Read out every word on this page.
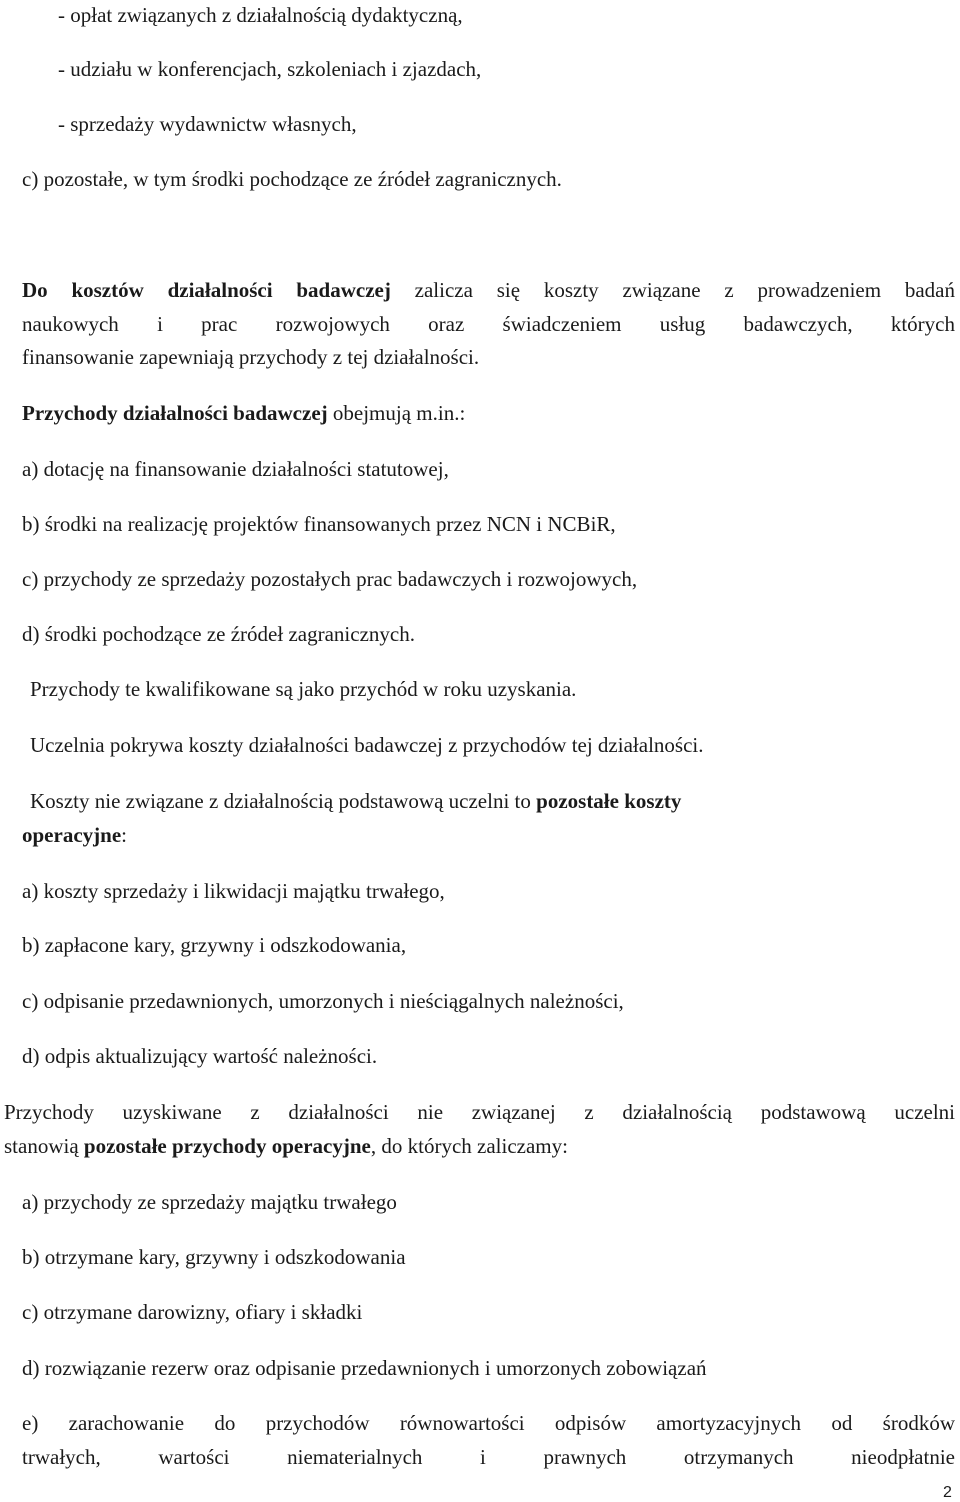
- opłat związanych z działalnością dydaktyczną,
- udziału w konferencjach, szkoleniach i zjazdach,
- sprzedaży wydawnictw własnych,
c) pozostałe, w tym środki pochodzące ze źródeł zagranicznych.
Do kosztów działalności badawczej zalicza się koszty związane z prowadzeniem badań
naukowych i prac rozwojowych oraz świadczeniem usług badawczych, których
finansowanie zapewniają przychody z tej działalności.
Przychody działalności badawczej obejmują m.in.:
a) dotację na finansowanie działalności statutowej,
b) środki na realizację projektów finansowanych przez NCN i NCBiR,
c) przychody ze sprzedaży pozostałych prac badawczych i rozwojowych,
d) środki pochodzące ze źródeł zagranicznych.
Przychody te kwalifikowane są jako przychód w roku uzyskania.
Uczelnia pokrywa koszty działalności badawczej z przychodów tej działalności.
Koszty nie związane z działalnością podstawową uczelni to pozostałe koszty
operacyjne:
a) koszty sprzedaży i likwidacji majątku trwałego,
b) zapłacone kary, grzywny i odszkodowania,
c) odpisanie przedawnionych, umorzonych i nieściągalnych należności,
d) odpis aktualizujący wartość należności.
Przychody uzyskiwane z działalności nie związanej z działalnością podstawową uczelni
stanowią pozostałe przychody operacyjne, do których zaliczamy:
a) przychody ze sprzedaży majątku trwałego
b) otrzymane kary, grzywny i odszkodowania
c) otrzymane darowizny, ofiary i składki
d) rozwiązanie rezerw oraz odpisanie przedawnionych i umorzonych zobowiązań
e) zarachowanie do przychodów równowartości odpisów amortyzacyjnych od środków
trwałych, wartości niematerialnych i prawnych otrzymanych nieodpłatnie
2
